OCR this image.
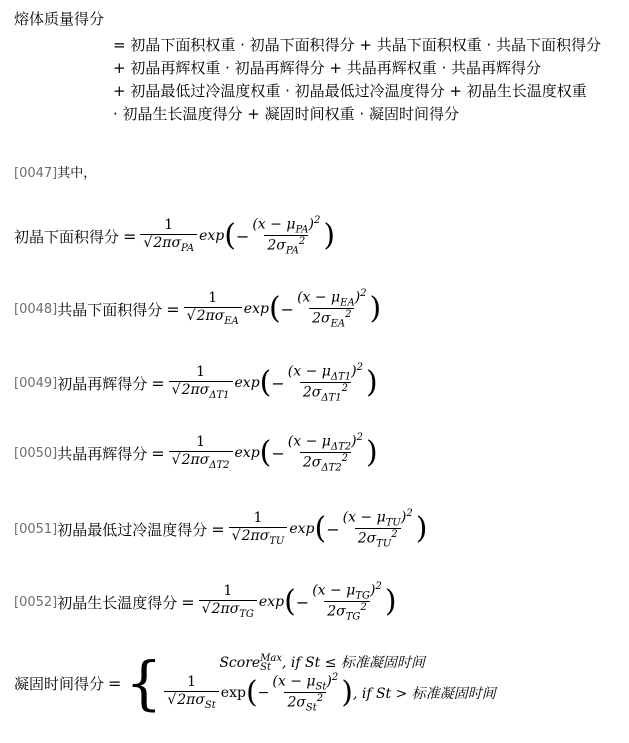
熔体质量得分
= 初晶下面积权重 · 初晶下面积得分 + 共晶下面积权重 · 共晶下面积得分
+ 初晶再辉权重 · 初晶再辉得分 + 共晶再辉权重 · 共晶再辉得分
+ 初晶最低过冷温度权重 · 初晶最低过冷温度得分 + 初晶生长温度权重
· 初晶生长温度得分 + 凝固时间权重 · 凝固时间得分
[0047]其中，
初晶下面积得分 = $\frac{1}{√2\pi\sigma_{PA}}$ exp ( − $\frac{(x - \mu_{PA})^2}{2\sigma_{PA}^2}$ )
[0048] 共晶下面积得分 = $\frac{1}{√2\pi\sigma_{EA}}$ exp ( − $\frac{(x - \mu_{EA})^2}{2\sigma_{EA}^2}$ )
[0049] 初晶再辉得分 = $\frac{1}{√2\pi\sigma_{\Delta T1}}$ exp ( − $\frac{(x - \mu_{\Delta T1})^2}{2\sigma_{\Delta T1}^2}$ )
[0050] 共晶再辉得分 = $\frac{1}{√2\pi\sigma_{\Delta T2}}$ exp ( − $\frac{(x - \mu_{\Delta T2})^2}{2\sigma_{\Delta T2}^2}$ )
[0051] 初晶最低过冷温度得分 = $\frac{1}{√2\pi\sigma_{TU}}$ exp ( − $\frac{(x - \mu_{TU})^2}{2\sigma_{TU}^2}$ )
[0052] 初晶生长温度得分 = $\frac{1}{√2\pi\sigma_{TG}}$ exp ( − $\frac{(x - \mu_{TG})^2}{2\sigma_{TG}^2}$ )
凝固时间得分 = {	Score Max
St , if St ≤ 标准凝固时间
$\frac{1}{√2\pi\sigma_{St}}$ exp ( − $\frac{(x - \mu_{St})^2}{2\sigma_{St}^2}$ ) , if St > 标准凝固时间
